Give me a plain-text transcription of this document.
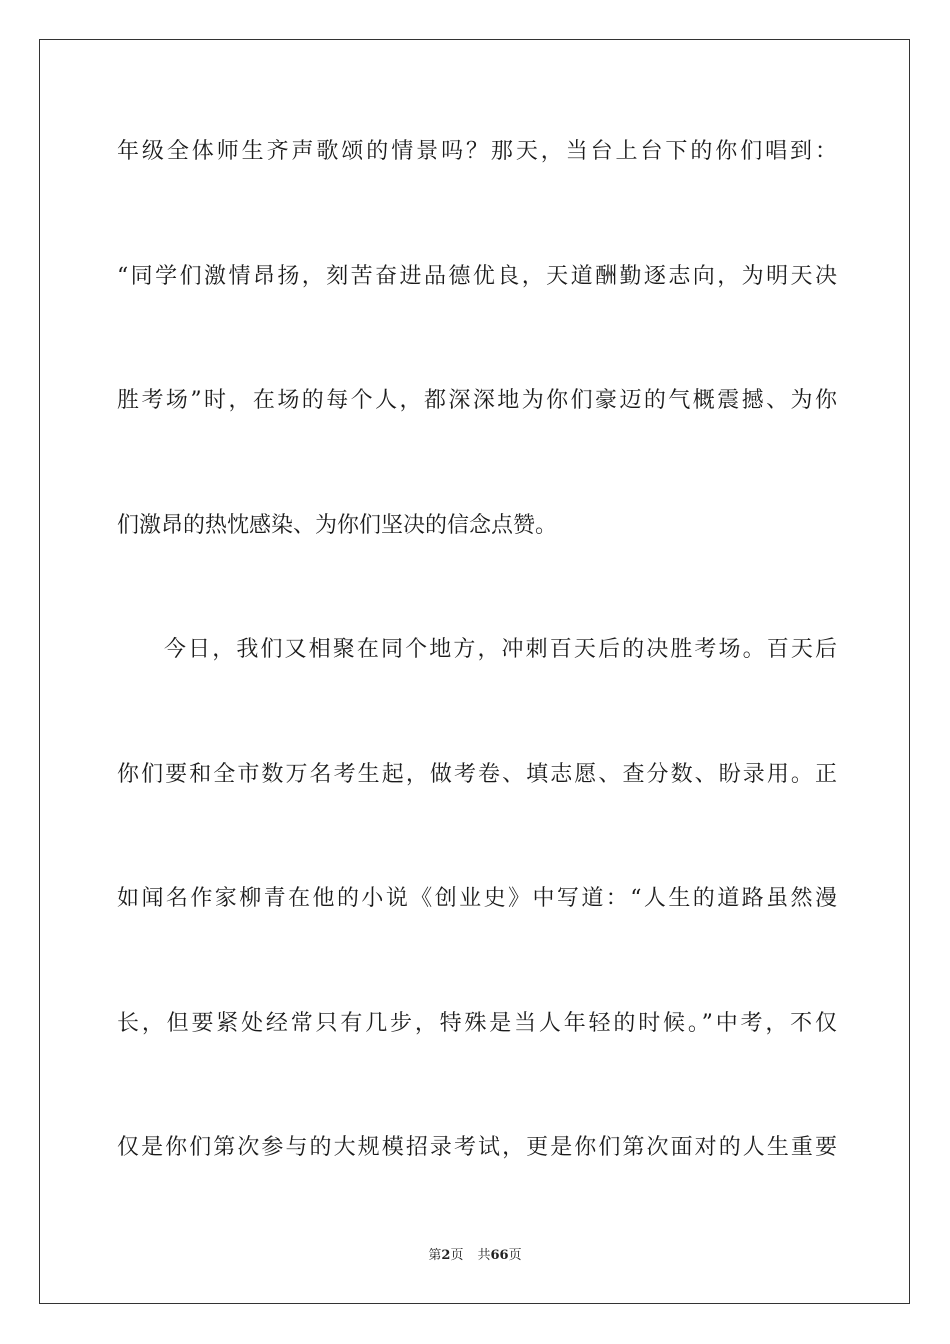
年级全体师生齐声歌颂的情景吗？那天，当台上台下的你们唱到：
“同学们激情昂扬，刻苦奋进品德优良，天道酬勤逐志向，为明天决
胜考场”时，在场的每个人，都深深地为你们豪迈的气概震撼、为你
们激昂的热忱感染、为你们坚决的信念点赞。
今日，我们又相聚在同个地方，冲刺百天后的决胜考场。百天后
你们要和全市数万名考生起，做考卷、填志愿、查分数、盼录用。正
如闻名作家柳青在他的小说《创业史》中写道：“人生的道路虽然漫
长，但要紧处经常只有几步，特殊是当人年轻的时候。”中考，不仅
仅是你们第次参与的大规模招录考试，更是你们第次面对的人生重要
第2页 共66页
